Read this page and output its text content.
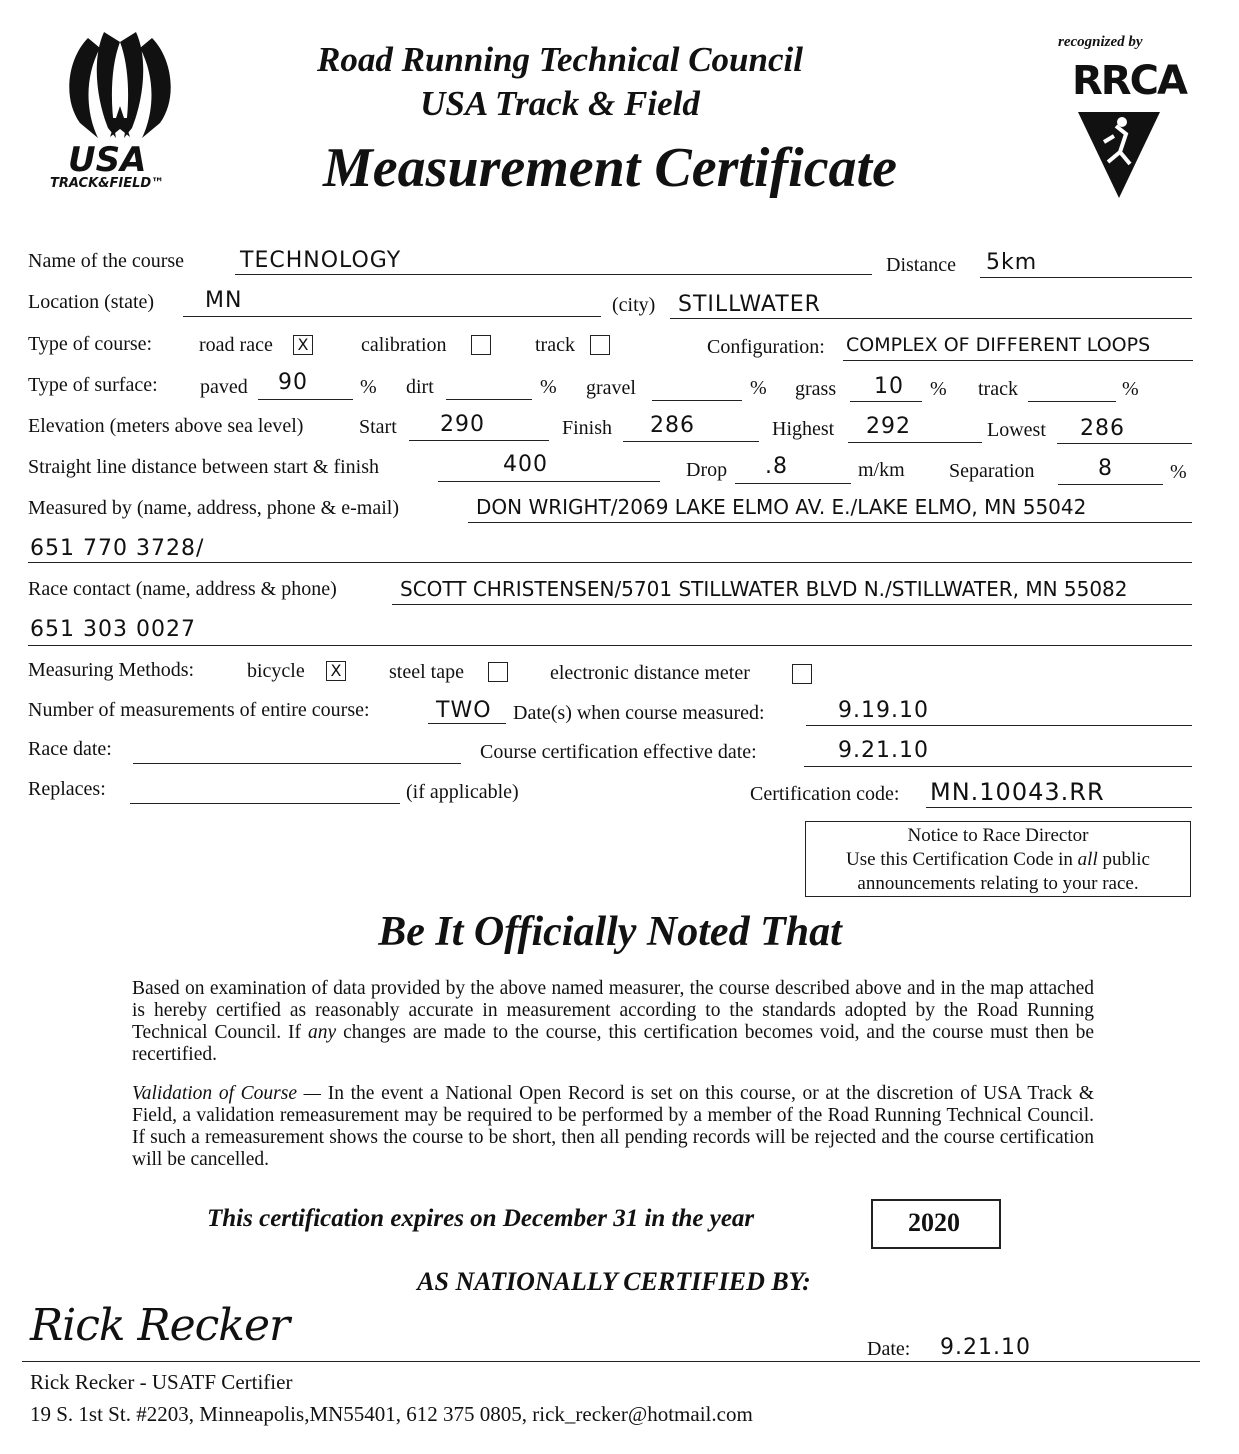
USA
TRACK&FIELD™
Road Running Technical Council
USA Track & Field
Measurement Certificate
recognized by
RRCA
Name of the course	TECHNOLOGY	Distance 5km
Location (state) MN	(city) STILLWATER
Type of course: road race X	calibration	track	Configuration: COMPLEX OF DIFFERENT LOOPS
Type of surface: paved 90	% dirt	% gravel	% grass 10 % track	%
Elevation (meters above sea level)	Start 290	Finish 286	Highest 292	Lowest 286
Straight line distance between start & finish	400	Drop .8	m/km Separation	8	%
Measured by (name, address, phone & e-mail)	DON WRIGHT/2069 LAKE ELMO AV. E./LAKE ELMO, MN 55042
651 770 3728/
Race contact (name, address & phone)	SCOTT CHRISTENSEN/5701 STILLWATER BLVD N./STILLWATER, MN 55082
651 303 0027
Measuring Methods:	bicycle X steel tape	electronic distance meter
Number of measurements of entire course:	TWO Date(s) when course measured:	9.19.10
Race date:	Course certification effective date:	9.21.10
Replaces:	(if applicable)	Certification code: MN.10043.RR
Notice to Race Director
Use this Certification Code in all public
announcements relating to your race.
Be It Officially Noted That
Based on examination of data provided by the above named measurer, the course described above and in the map attached is hereby certified as reasonably accurate in measurement according to the standards adopted by the Road Running Technical Council. If any changes are made to the course, this certification becomes void, and the course must then be recertified.
Validation of Course — In the event a National Open Record is set on this course, or at the discretion of USA Track & Field, a validation remeasurement may be required to be performed by a member of the Road Running Technical Council. If such a remeasurement shows the course to be short, then all pending records will be rejected and the course certification will be cancelled.
This certification expires on December 31 in the year	2020
AS NATIONALLY CERTIFIED BY:
Rick Recker	Date: 9.21.10
Rick Recker - USATF Certifier
19 S. 1st St. #2203, Minneapolis,MN55401, 612 375 0805, rick_recker@hotmail.com
